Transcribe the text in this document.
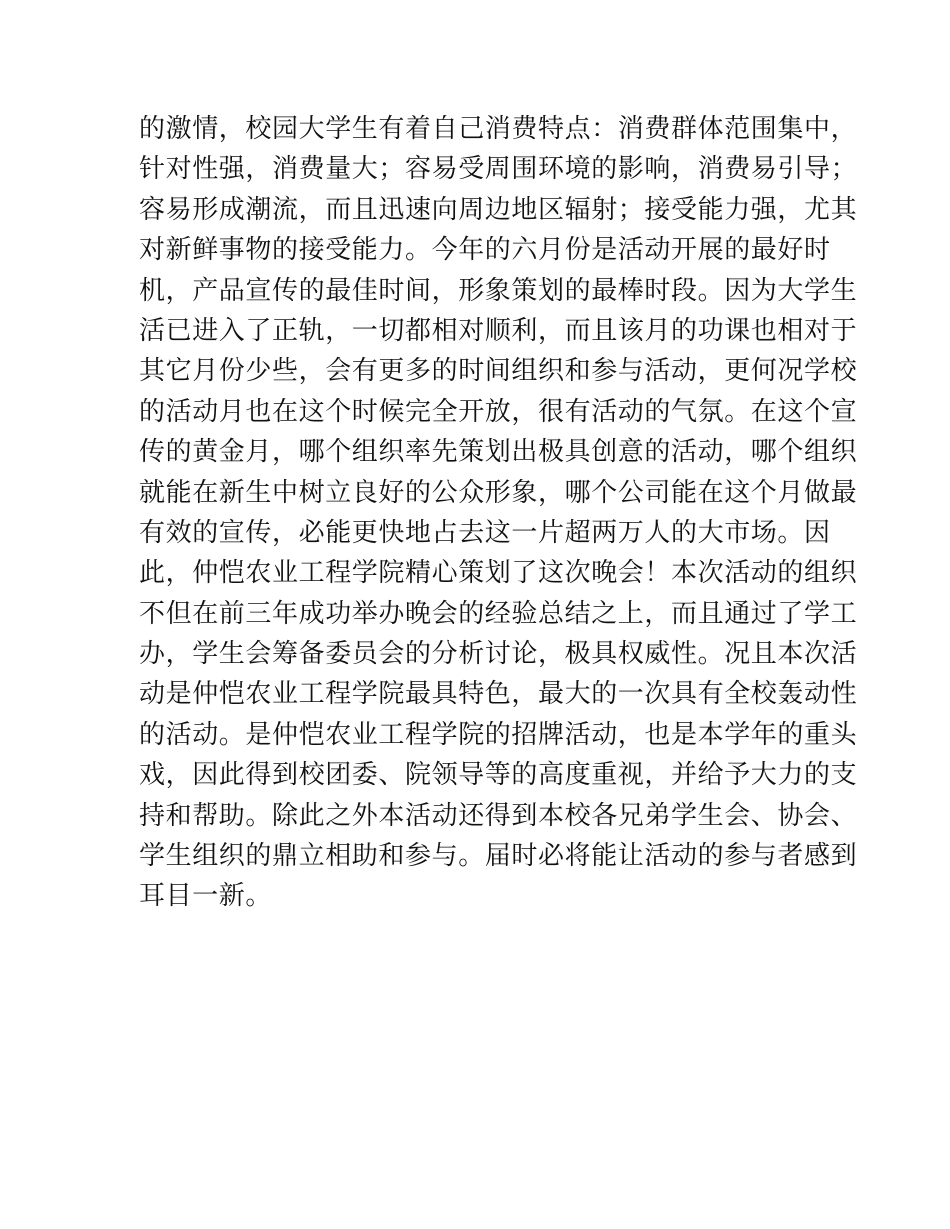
的激情，校园大学生有着自己消费特点：消费群体范围集中，
针对性强，消费量大；容易受周围环境的影响，消费易引导；
容易形成潮流，而且迅速向周边地区辐射；接受能力强，尤其
对新鲜事物的接受能力。今年的六月份是活动开展的最好时
机，产品宣传的最佳时间，形象策划的最棒时段。因为大学生
活已进入了正轨，一切都相对顺利，而且该月的功课也相对于
其它月份少些，会有更多的时间组织和参与活动，更何况学校
的活动月也在这个时候完全开放，很有活动的气氛。在这个宣
传的黄金月，哪个组织率先策划出极具创意的活动，哪个组织
就能在新生中树立良好的公众形象，哪个公司能在这个月做最
有效的宣传，必能更快地占去这一片超两万人的大市场。因
此，仲恺农业工程学院精心策划了这次晚会！本次活动的组织
不但在前三年成功举办晚会的经验总结之上，而且通过了学工
办，学生会筹备委员会的分析讨论，极具权威性。况且本次活
动是仲恺农业工程学院最具特色，最大的一次具有全校轰动性
的活动。是仲恺农业工程学院的招牌活动，也是本学年的重头
戏，因此得到校团委、院领导等的高度重视，并给予大力的支
持和帮助。除此之外本活动还得到本校各兄弟学生会、协会、
学生组织的鼎立相助和参与。届时必将能让活动的参与者感到
耳目一新。
